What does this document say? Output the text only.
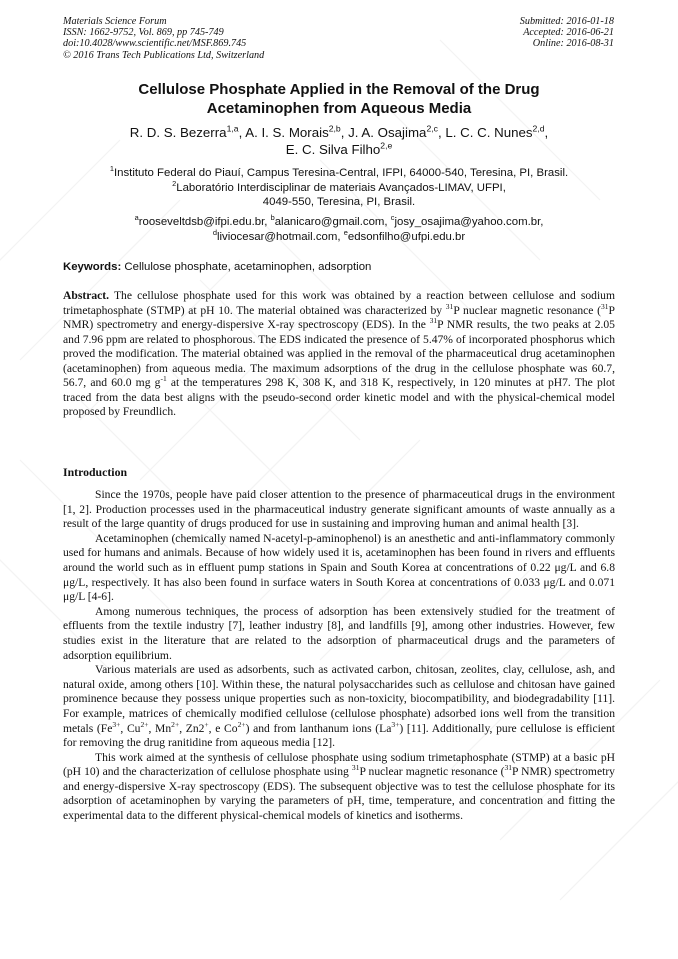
Materials Science Forum
ISSN: 1662-9752, Vol. 869, pp 745-749
doi:10.4028/www.scientific.net/MSF.869.745
© 2016 Trans Tech Publications Ltd, Switzerland
Submitted: 2016-01-18
Accepted: 2016-06-21
Online: 2016-08-31
Cellulose Phosphate Applied in the Removal of the Drug
Acetaminophen from Aqueous Media
R. D. S. Bezerra$^{1,a}$, A. I. S. Morais$^{2,b}$, J. A. Osajima$^{2,c}$, L. C. C. Nunes$^{2,d}$,
E. C. Silva Filho$^{2,e}$
$^1$Instituto Federal do Piauí, Campus Teresina-Central, IFPI, 64000-540, Teresina, PI, Brasil.
$^2$Laboratório Interdisciplinar de materiais Avançados-LIMAV, UFPI,
4049-550, Teresina, PI, Brasil.
$^a$rooseveltdsb@ifpi.edu.br, $^b$alanicaro@gmail.com, $^c$josy_osajima@yahoo.com.br,
$^d$liviocesar@hotmail.com, $^e$edsonfilho@ufpi.edu.br
Keywords: Cellulose phosphate, acetaminophen, adsorption
Abstract. The cellulose phosphate used for this work was obtained by a reaction between cellulose and sodium trimetaphosphate (STMP) at pH 10. The material obtained was characterized by $^{31}$P nuclear magnetic resonance ($^{31}$P NMR) spectrometry and energy-dispersive X-ray spectroscopy (EDS). In the $^{31}$P NMR results, the two peaks at 2.05 and 7.96 ppm are related to phosphorous. The EDS indicated the presence of 5.47% of incorporated phosphorus which proved the modification. The material obtained was applied in the removal of the pharmaceutical drug acetaminophen (acetaminophen) from aqueous media. The maximum adsorptions of the drug in the cellulose phosphate was 60.7, 56.7, and 60.0 mg $g^{-1}$ at the temperatures 298 K, 308 K, and 318 K, respectively, in 120 minutes at pH7. The plot traced from the data best aligns with the pseudo-second order kinetic model and with the physical-chemical model proposed by Freundlich.
Introduction

Since the 1970s, people have paid closer attention to the presence of pharmaceutical drugs in the environment [1, 2]. Production processes used in the pharmaceutical industry generate significant amounts of waste annually as a result of the large quantity of drugs produced for use in sustaining and improving human and animal health [3].

Acetaminophen (chemically named N-acetyl-p-aminophenol) is an anesthetic and anti-inflammatory commonly used for humans and animals. Because of how widely used it is, acetaminophen has been found in rivers and effluents around the world such as in effluent pump stations in Spain and South Korea at concentrations of 0.22 μg/L and 6.8 μg/L, respectively. It has also been found in surface waters in South Korea at concentrations of 0.033 μg/L and 0.071 μg/L [4-6].

Among numerous techniques, the process of adsorption has been extensively studied for the treatment of effluents from the textile industry [7], leather industry [8], and landfills [9], among other industries. However, few studies exist in the literature that are related to the adsorption of pharmaceutical drugs and the parameters of adsorption equilibrium.

Various materials are used as adsorbents, such as activated carbon, chitosan, zeolites, clay, cellulose, ash, and natural oxide, among others [10]. Within these, the natural polysaccharides such as cellulose and chitosan have gained prominence because they possess unique properties such as non-toxicity, biocompatibility, and biodegradability [11]. For example, matrices of chemically modified cellulose (cellulose phosphate) adsorbed ions well from the transition metals ($Fe^{3+}$, $Cu^{2+}$, $Mn^{2+}$, Zn2+, e $Co^{2+}$) and from lanthanum ions $(La^{3+})$ [11]. Additionally, pure cellulose is efficient for removing the drug ranitidine from aqueous media [12].

This work aimed at the synthesis of cellulose phosphate using sodium trimetaphosphate (STMP) at a basic pH (pH 10) and the characterization of cellulose phosphate using $^{31}$P nuclear magnetic resonance ($^{31}$P NMR) spectrometry and energy-dispersive X-ray spectroscopy (EDS). The subsequent objective was to test the cellulose phosphate for its adsorption of acetaminophen by varying the parameters of pH, time, temperature, and concentration and fitting the experimental data to the different physical-chemical models of kinetics and isotherms.
